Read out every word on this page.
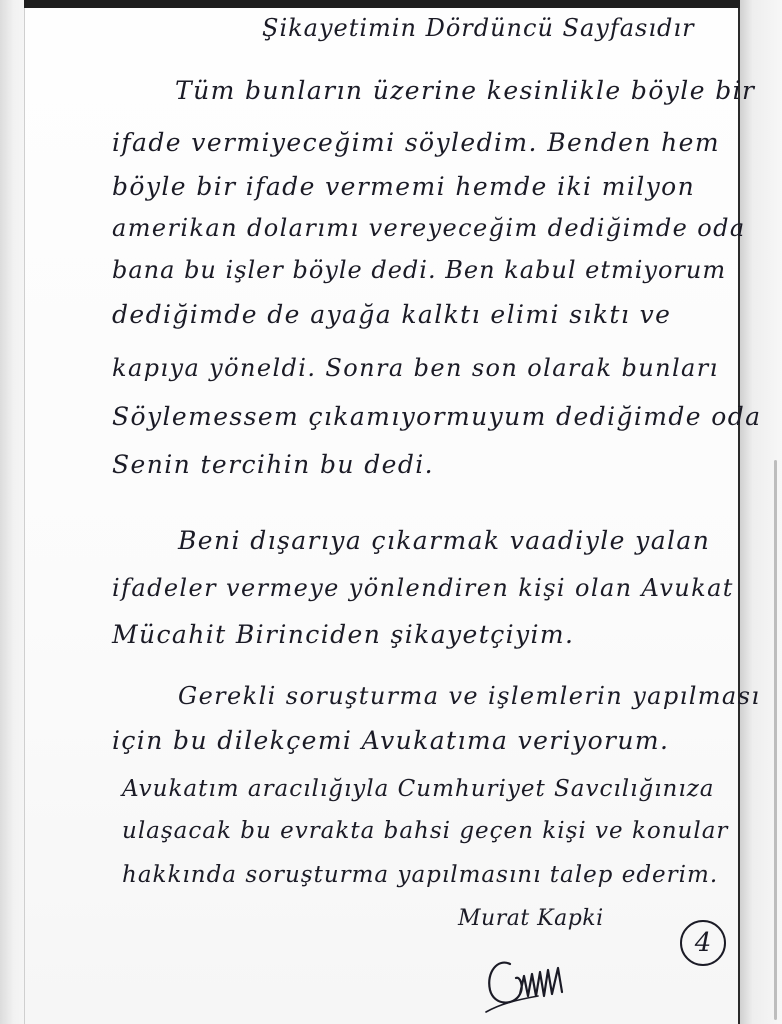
Şikayetimin Dördüncü Sayfasıdır
Tüm bunların üzerine kesinlikle böyle bir
ifade vermiyeceğimi söyledim. Benden hem
böyle bir ifade vermemi hemde iki milyon
amerikan dolarımı vereyeceğim dediğimde oda
bana bu işler böyle dedi. Ben kabul etmiyorum
dediğimde de ayağa kalktı elimi sıktı ve
kapıya yöneldi. Sonra ben son olarak bunları
Söylemessem çıkamıyormuyum dediğimde oda
Senin tercihin bu dedi.
Beni dışarıya çıkarmak vaadiyle yalan
ifadeler vermeye yönlendiren kişi olan Avukat
Mücahit Birinciden şikayetçiyim.
Gerekli soruşturma ve işlemlerin yapılması
için bu dilekçemi Avukatıma veriyorum.
Avukatım aracılığıyla Cumhuriyet Savcılığınıza
ulaşacak bu evrakta bahsi geçen kişi ve konular
hakkında soruşturma yapılmasını talep ederim.
Murat Kapki
4
